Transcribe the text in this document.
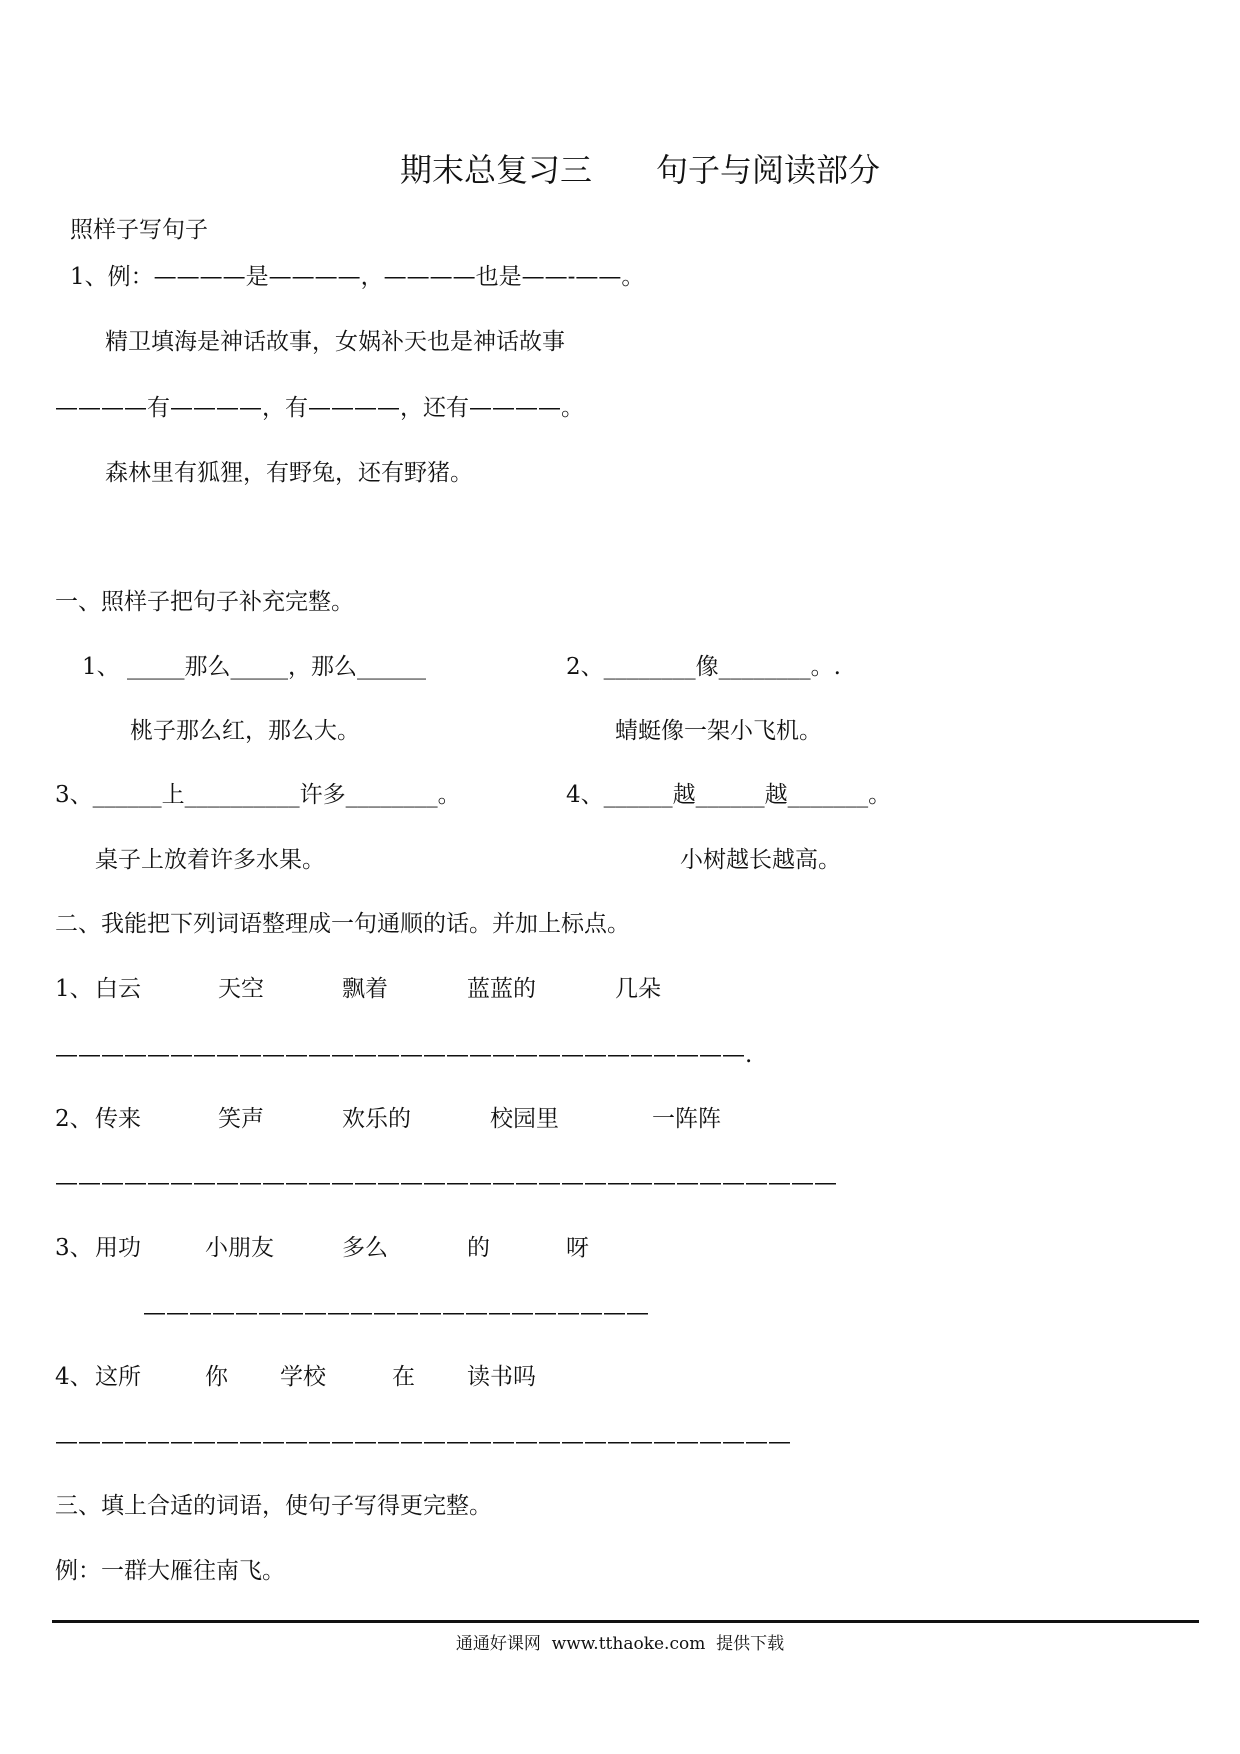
期末总复习三　　句子与阅读部分
照样子写句子
1、例：————是————，————也是——-——。
精卫填海是神话故事，女娲补天也是神话故事
————有————，有————，还有————。
森林里有狐狸，有野兔，还有野猪。
一、照样子把句子补充完整。
1、 _____那么_____，那么______	2、________像________。.
桃子那么红，那么大。	蜻蜓像一架小飞机。
3、______上__________许多________。	4、______越______越_______。
桌子上放着许多水果。	小树越长越高。
二、我能把下列词语整理成一句通顺的话。并加上标点。
1、 白云	天空	飘着	蓝蓝的	几朵
——————————————————————————————.
2、 传来	笑声	欢乐的	校园里	一阵阵
——————————————————————————————————
3、 用功	小朋友	多么	的	呀
——————————————————————
4、 这所	你 学校	在 读书吗
————————————————————————————————
三、填上合适的词语，使句子写得更完整。
例：一群大雁往南飞。
通通好课网  www.tthaoke.com  提供下载
